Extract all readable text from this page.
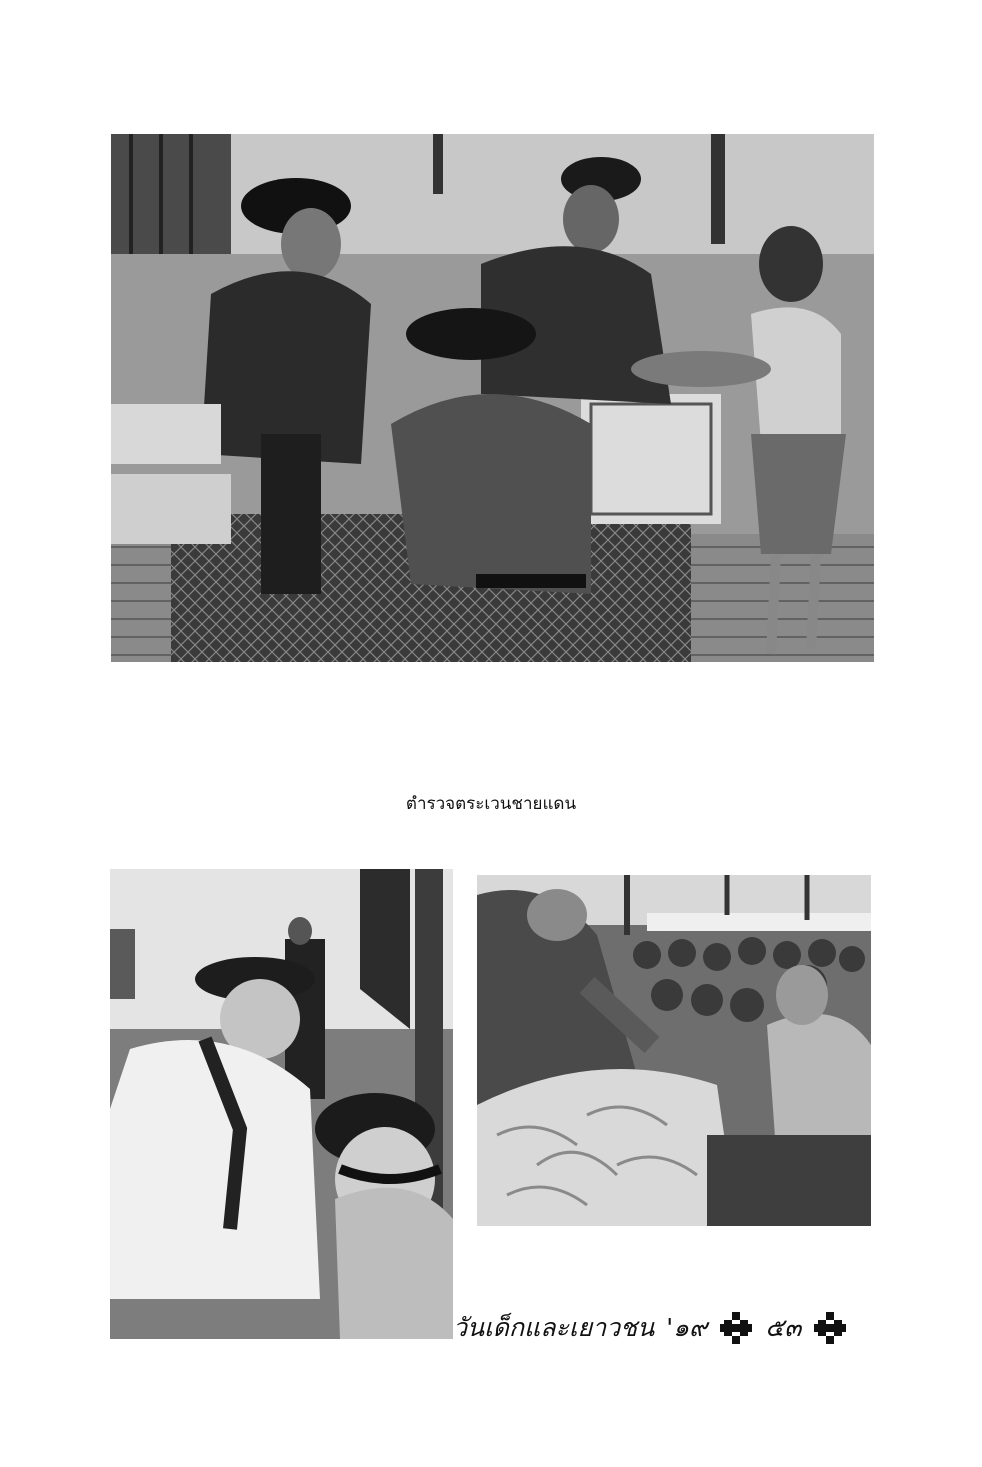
ตำรวจตระเวนชายแดน
วันเด็กและเยาวชน '๑๙ ๕๓
